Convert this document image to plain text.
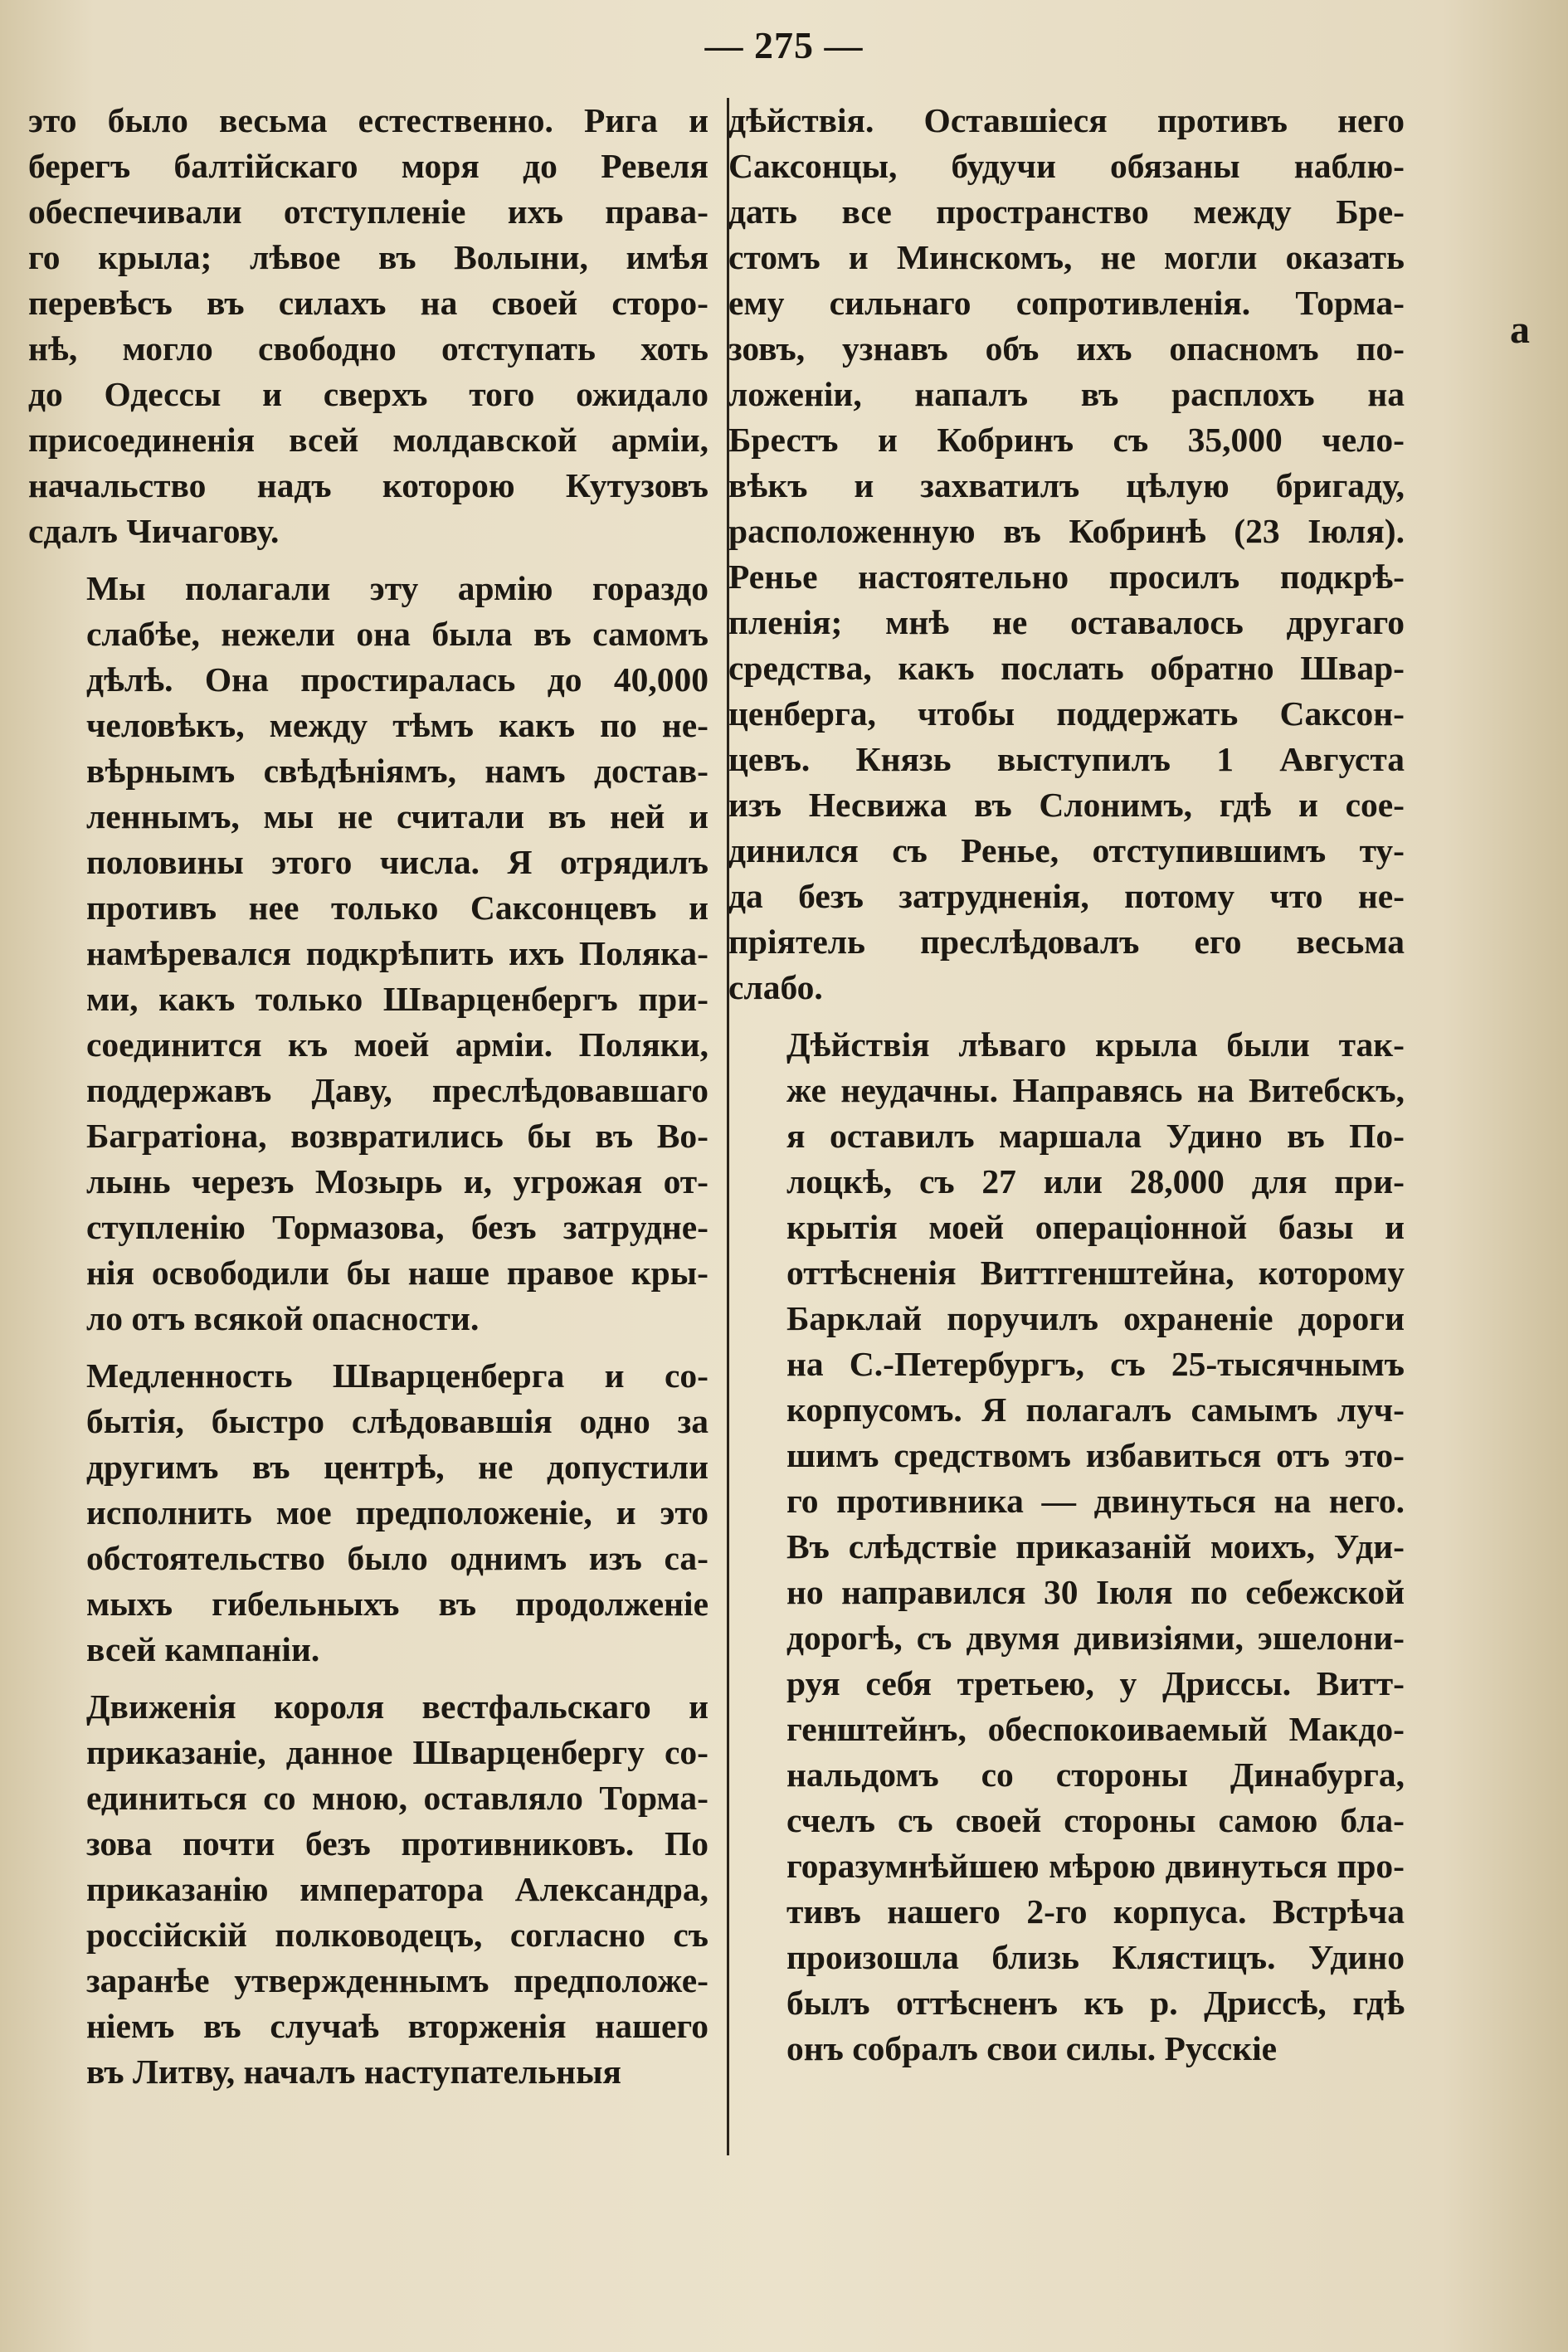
— 275 —
это было весьма естественно. Рига и
берегъ балтійскаго моря до Ревеля
обеспечивали отступленіе ихъ права-
го крыла; лѣвое въ Волыни, имѣя
перевѣсъ въ силахъ на своей сторо-
нѣ, могло свободно отступать хоть
до Одессы и сверхъ того ожидало
присоединенія всей молдавской арміи,
начальство надъ которою Кутузовъ
сдалъ Чичагову.
Мы полагали эту армію гораздо
слабѣе, нежели она была въ самомъ
дѣлѣ. Она простиралась до 40,000
человѣкъ, между тѣмъ какъ по не-
вѣрнымъ свѣдѣніямъ, намъ достав-
леннымъ, мы не считали въ ней и
половины этого числа. Я отрядилъ
противъ нее только Саксонцевъ и
намѣревался подкрѣпить ихъ Поляка-
ми, какъ только Шварценбергъ при-
соединится къ моей арміи. Поляки,
поддержавъ Даву, преслѣдовавшаго
Багратіона, возвратились бы въ Во-
лынь черезъ Мозырь и, угрожая от-
ступленію Тормазова, безъ затрудне-
нія освободили бы наше правое кры-
ло отъ всякой опасности.
Медленность Шварценберга и со-
бытія, быстро слѣдовавшія одно за
другимъ въ центрѣ, не допустили
исполнить мое предположеніе, и это
обстоятельство было однимъ изъ са-
мыхъ гибельныхъ въ продолженіе
всей кампаніи.
Движенія короля вестфальскаго и
приказаніе, данное Шварценбергу со-
единиться со мною, оставляло Торма-
зова почти безъ противниковъ. По
приказанію императора Александра,
россійскій полководецъ, согласно съ
заранѣе утвержденнымъ предположе-
ніемъ въ случаѣ вторженія нашего
въ Литву, началъ наступательныя
дѣйствія. Оставшіеся противъ него
Саксонцы, будучи обязаны наблю-
дать все пространство между Бре-
стомъ и Минскомъ, не могли оказать
ему сильнаго сопротивленія. Торма-
зовъ, узнавъ объ ихъ опасномъ по-
ложеніи, напалъ въ расплохъ на
Брестъ и Кобринъ съ 35,000 чело-
вѣкъ и захватилъ цѣлую бригаду,
расположенную въ Кобринѣ (23 Іюля).
Ренье настоятельно просилъ подкрѣ-
пленія; мнѣ не оставалось другаго
средства, какъ послать обратно Швар-
ценберга, чтобы поддержать Саксон-
цевъ. Князь выступилъ 1 Августа
изъ Несвижа въ Слонимъ, гдѣ и сое-
динился съ Ренье, отступившимъ ту-
да безъ затрудненія, потому что не-
пріятель преслѣдовалъ его весьма
слабо.
Дѣйствія лѣваго крыла были так-
же неудачны. Направясь на Витебскъ,
я оставилъ маршала Удино въ По-
лоцкѣ, съ 27 или 28,000 для при-
крытія моей операціонной базы и
оттѣсненія Виттгенштейна, которому
Барклай поручилъ охраненіе дороги
на С.-Петербургъ, съ 25-тысячнымъ
корпусомъ. Я полагалъ самымъ луч-
шимъ средствомъ избавиться отъ это-
го противника — двинуться на него.
Въ слѣдствіе приказаній моихъ, Уди-
но направился 30 Іюля по себежской
дорогѣ, съ двумя дивизіями, эшелони-
руя себя третьею, у Дриссы. Витт-
генштейнъ, обеспокоиваемый Макдо-
нальдомъ со стороны Динабурга,
счелъ съ своей стороны самою бла-
горазумнѣйшею мѣрою двинуться про-
тивъ нашего 2-го корпуса. Встрѣча
произошла близь Клястицъ. Удино
былъ оттѣсненъ къ р. Дриссѣ, гдѣ
онъ собралъ свои силы. Русскіе
а
